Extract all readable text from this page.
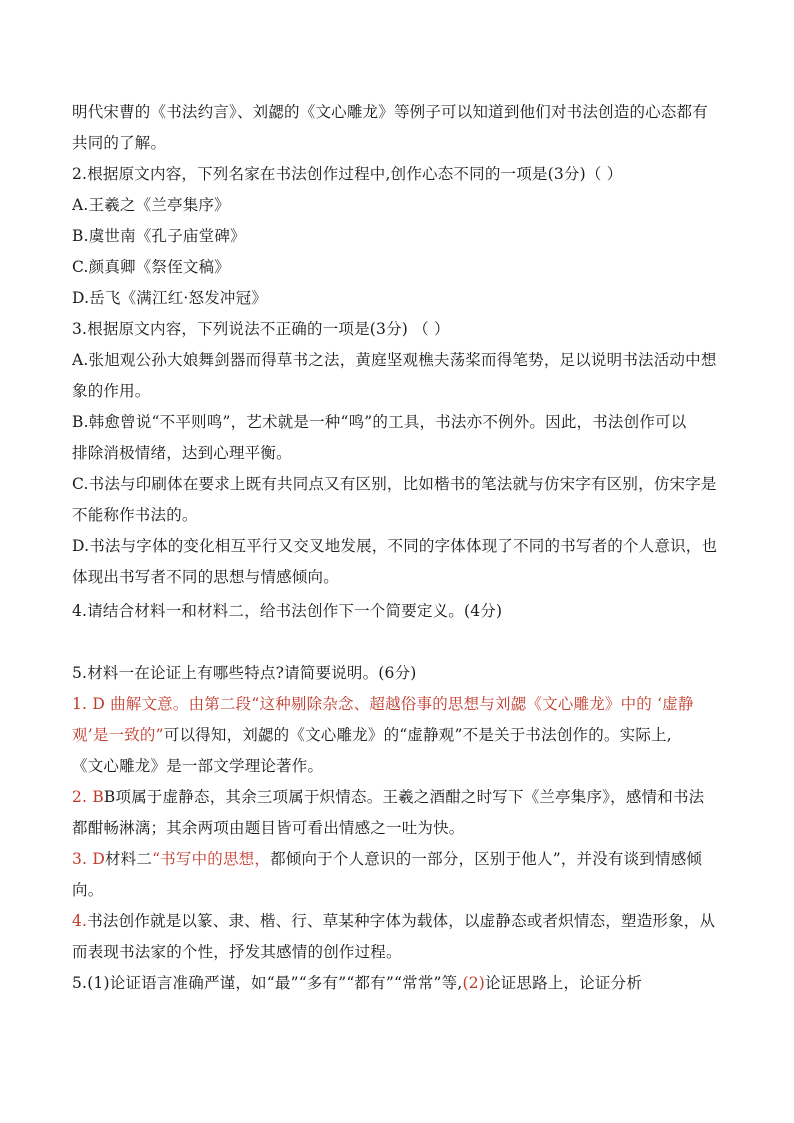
明代宋曹的《书法约言》、刘勰的《文心雕龙》等例子可以知道到他们对书法创造的心态都有
共同的了解。
2.根据原文内容，下列名家在书法创作过程中,创作心态不同的一项是(3分)（ ）
A.王羲之《兰亭集序》
B.虞世南《孔子庙堂碑》
C.颜真卿《祭侄文稿》
D.岳飞《满江红·怒发冲冠》
3.根据原文内容，下列说法不正确的一项是(3分) （ ）
A.张旭观公孙大娘舞剑器而得草书之法，黄庭坚观樵夫荡桨而得笔势，足以说明书法活动中想
象的作用。
B.韩愈曾说“不平则鸣”，艺术就是一种“鸣”的工具，书法亦不例外。因此，书法创作可以
排除消极情绪，达到心理平衡。
C.书法与印刷体在要求上既有共同点又有区别，比如楷书的笔法就与仿宋字有区别，仿宋字是
不能称作书法的。
D.书法与字体的变化相互平行又交叉地发展，不同的字体体现了不同的书写者的个人意识，也
体现出书写者不同的思想与情感倾向。
4.请结合材料一和材料二，给书法创作下一个简要定义。(4分)
5.材料一在论证上有哪些特点?请简要说明。(6分)
1. D 曲解文意。由第二段“这种剔除杂念、超越俗事的思想与刘勰《文心雕龙》中的 ‘虚静
观’是一致的”可以得知，刘勰的《文心雕龙》的“虚静观”不是关于书法创作的。实际上,
《文心雕龙》是一部文学理论著作。
2. BB项属于虚静态，其余三项属于炽情态。王羲之酒酣之时写下《兰亭集序》，感情和书法
都酣畅淋漓；其余两项由题目皆可看出情感之一吐为快。
3. D材料二“书写中的思想，都倾向于个人意识的一部分，区别于他人”，并没有谈到情感倾
向。
4.书法创作就是以篆、隶、楷、行、草某种字体为载体，以虚静态或者炽情态，塑造形象，从
而表现书法家的个性，抒发其感情的创作过程。
5.(1)论证语言准确严谨，如“最”“多有”“都有”“常常”等,(2)论证思路上，论证分析
